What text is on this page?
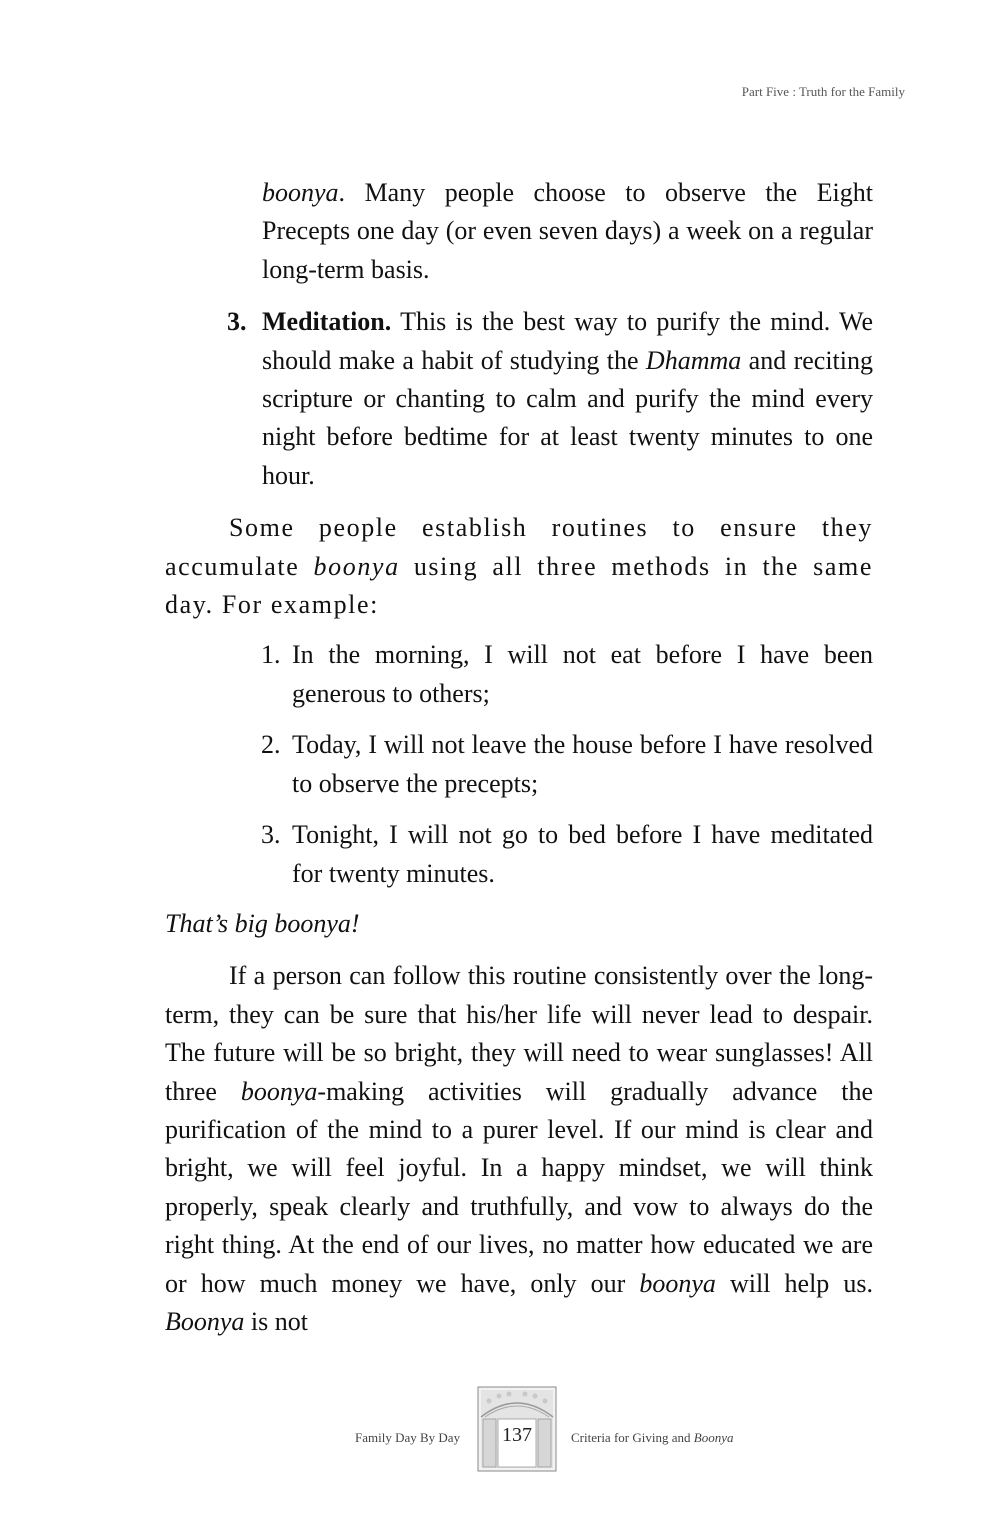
Part Five : Truth for the Family

boonya. Many people choose to observe the Eight Precepts one day (or even seven days) a week on a regular long-term basis.

3. Meditation. This is the best way to purify the mind. We should make a habit of studying the Dhamma and reciting scripture or chanting to calm and purify the mind every night before bedtime for at least twenty minutes to one hour.

Some people establish routines to ensure they accumulate boonya using all three methods in the same day. For example:

1. In the morning, I will not eat before I have been generous to others;

2. Today, I will not leave the house before I have resolved to observe the precepts;

3. Tonight, I will not go to bed before I have meditated for twenty minutes.

That’s big boonya!

If a person can follow this routine consistently over the long-term, they can be sure that his/her life will never lead to despair. The future will be so bright, they will need to wear sunglasses! All three boonya-making activities will gradually advance the purification of the mind to a purer level. If our mind is clear and bright, we will feel joyful. In a happy mindset, we will think properly, speak clearly and truthfully, and vow to always do the right thing. At the end of our lives, no matter how educated we are or how much money we have, only our boonya will help us. Boonya is not

Family Day By Day	137	Criteria for Giving and Boonya
